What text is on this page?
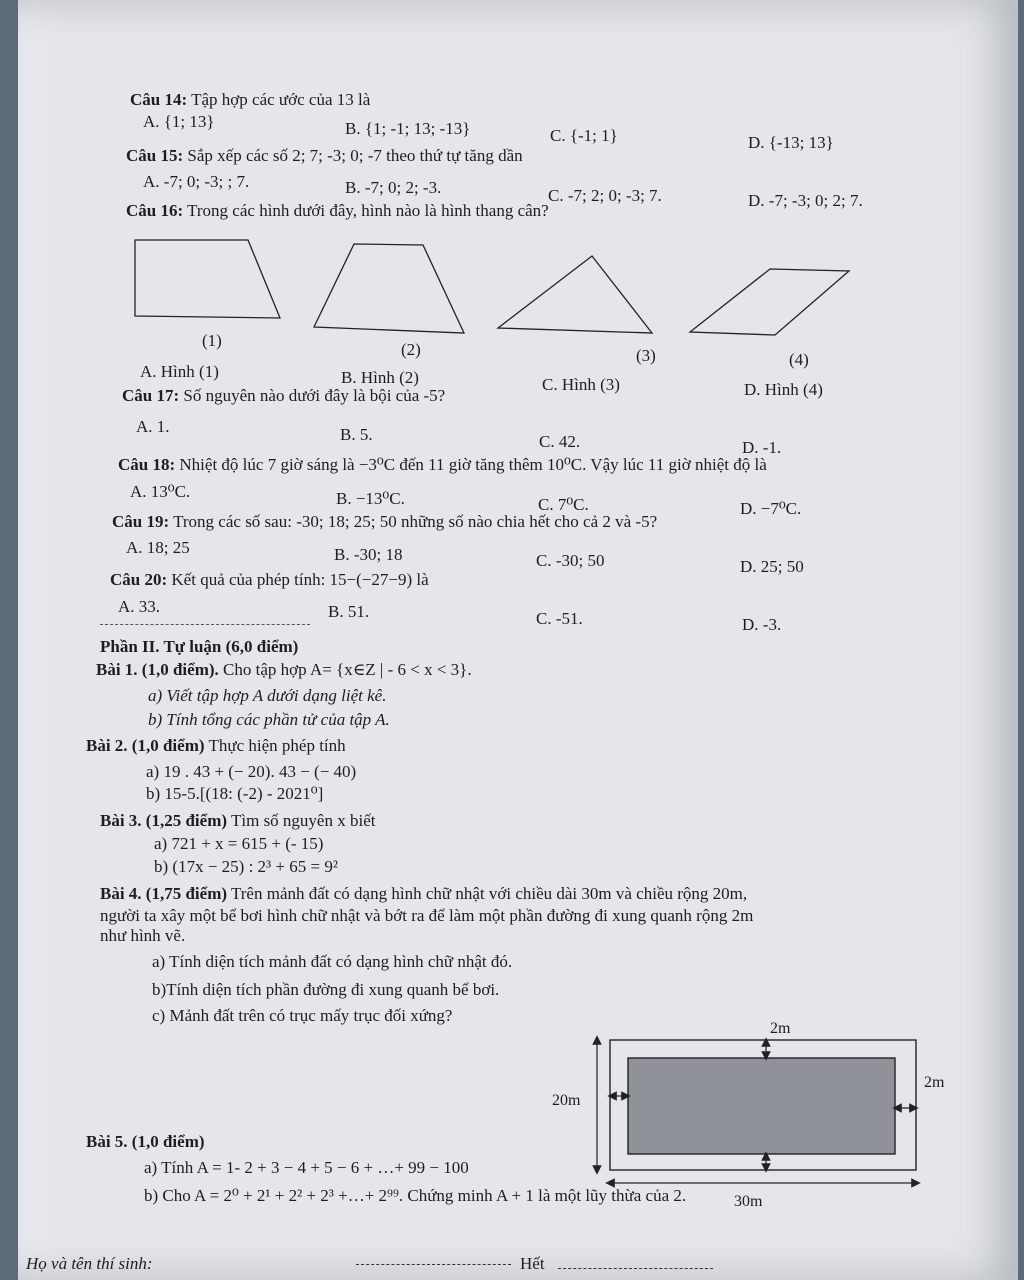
Câu 14: Tập hợp các ước của 13 là
A. {1; 13}	B. {1; -1; 13; -13}	C. {-1; 1}	D. {-13; 13}
Câu 15: Sắp xếp các số 2; 7; -3; 0; -7 theo thứ tự tăng dần
A. -7; 0; -3; ; 7.	B. -7; 0; 2; -3.	C. -7; 2; 0; -3; 7.	D. -7; -3; 0; 2; 7.
Câu 16: Trong các hình dưới đây, hình nào là hình thang cân?
(1)	(2)	(3)	(4)
A. Hình (1)	B. Hình (2)	C. Hình (3)	D. Hình (4)
Câu 17: Số nguyên nào dưới đây là bội của -5?
A. 1.	B. 5.	C. 42.	D. -1.
Câu 18: Nhiệt độ lúc 7 giờ sáng là −3⁰C đến 11 giờ tăng thêm 10⁰C. Vậy lúc 11 giờ nhiệt độ là
A. 13⁰C.	B. −13⁰C.	C. 7⁰C.	D. −7⁰C.
Câu 19: Trong các số sau: -30; 18; 25; 50 những số nào chia hết cho cả 2 và -5?
A. 18; 25	B. -30; 18	C. -30; 50	D. 25; 50
Câu 20: Kết quả của phép tính: 15−(−27−9) là
A. 33.	B. 51.	C. -51.	D. -3.
Phần II. Tự luận (6,0 điểm)
Bài 1. (1,0 điểm). Cho tập hợp A= {x∈Z | - 6 < x < 3}.
a) Viết tập hợp A dưới dạng liệt kê.
b) Tính tổng các phần tử của tập A.
Bài 2. (1,0 điểm) Thực hiện phép tính
a) 19 . 43 + (− 20). 43 − (− 40)
b) 15-5.[(18: (-2) - 2021⁰]
Bài 3. (1,25 điểm) Tìm số nguyên x biết
a) 721 + x = 615 + (- 15)
b) (17x − 25) : 2³ + 65 = 9²
Bài 4. (1,75 điểm) Trên mảnh đất có dạng hình chữ nhật với chiều dài 30m và chiều rộng 20m,
người ta xây một bể bơi hình chữ nhật và bớt ra để làm một phần đường đi xung quanh rộng 2m
như hình vẽ.
a) Tính diện tích mảnh đất có dạng hình chữ nhật đó.
b)Tính diện tích phần đường đi xung quanh bể bơi.
c) Mảnh đất trên có trục mấy trục đối xứng?
2m
2m
20m
30m
Bài 5. (1,0 điểm)
a) Tính A = 1- 2 + 3 − 4 + 5 − 6 + …+ 99 − 100
b) Cho A = 2⁰ + 2¹ + 2² + 2³ +…+ 2⁹⁹. Chứng minh A + 1 là một lũy thừa của 2.
Họ và tên thí sinh:	Hết
